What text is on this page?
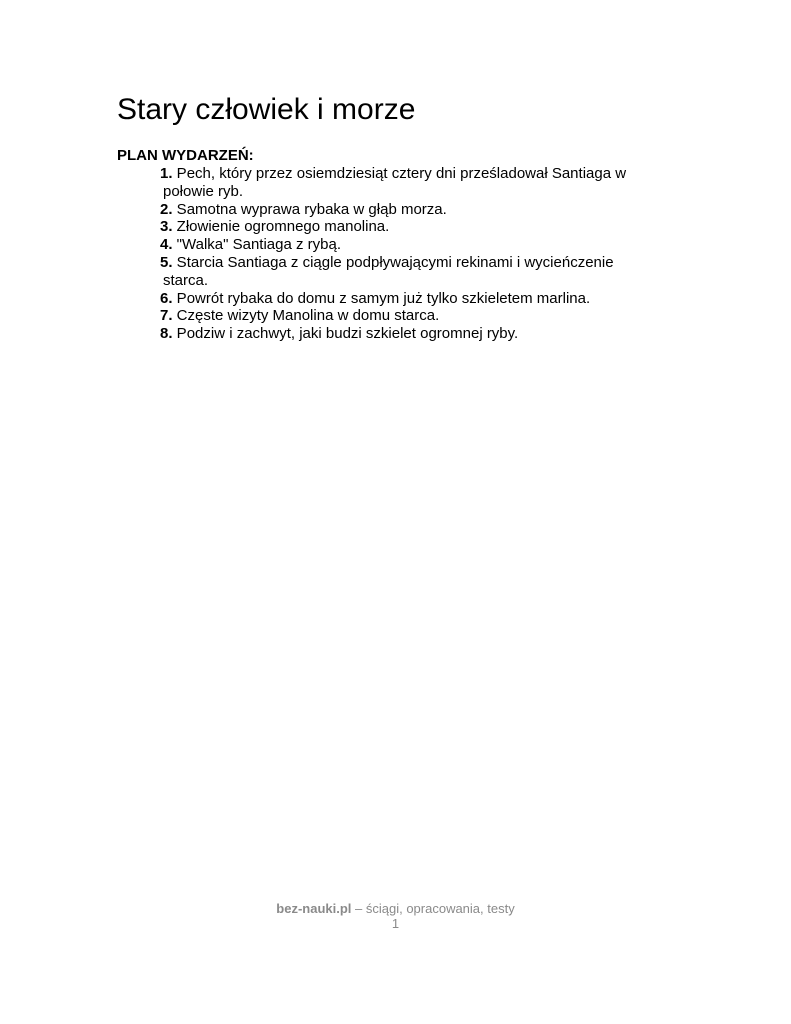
Stary człowiek i morze
PLAN WYDARZEŃ:
1. Pech, który przez osiemdziesiąt cztery dni prześladował Santiaga w
połowie ryb.
2. Samotna wyprawa rybaka w głąb morza.
3. Złowienie ogromnego manolina.
4. "Walka" Santiaga z rybą.
5. Starcia Santiaga z ciągle podpływającymi rekinami i wycieńczenie
starca.
6. Powrót rybaka do domu z samym już tylko szkieletem marlina.
7. Częste wizyty Manolina w domu starca.
8. Podziw i zachwyt, jaki budzi szkielet ogromnej ryby.
bez-nauki.pl – ściągi, opracowania, testy
1
